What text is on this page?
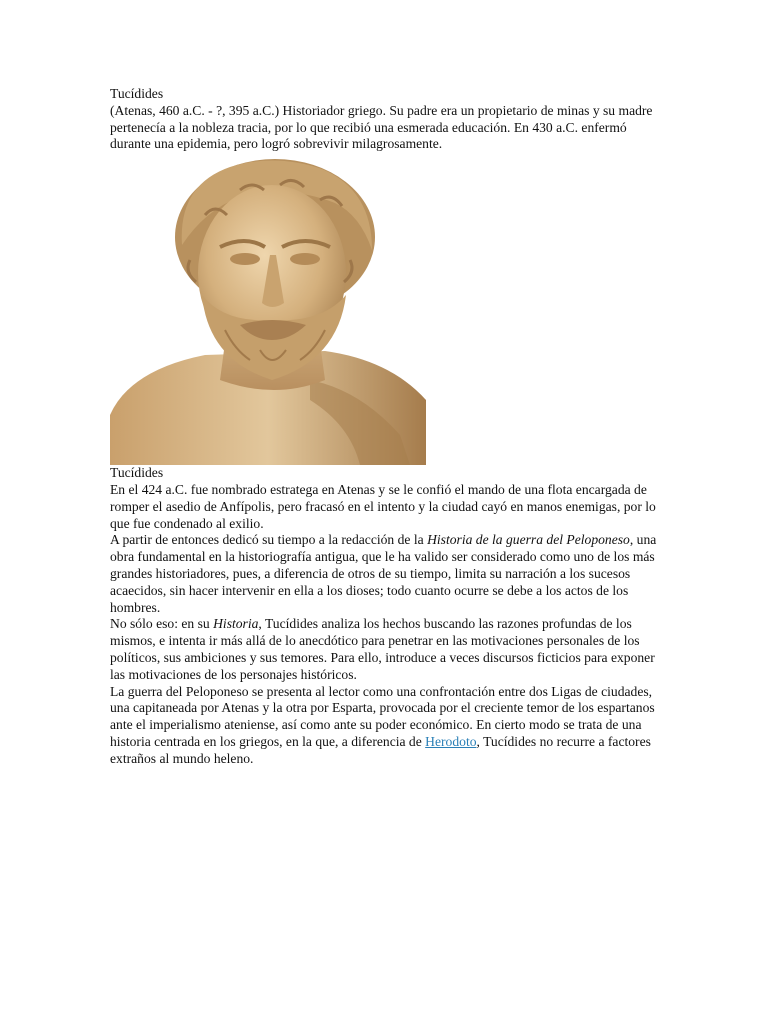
Tucídides

(Atenas, 460 a.C. - ?, 395 a.C.) Historiador griego. Su padre era un propietario de minas y su madre pertenecía a la nobleza tracia, por lo que recibió una esmerada educación. En 430 a.C. enfermó durante una epidemia, pero logró sobrevivir milagrosamente.

Tucídides

En el 424 a.C. fue nombrado estratega en Atenas y se le confió el mando de una flota encargada de romper el asedio de Anfípolis, pero fracasó en el intento y la ciudad cayó en manos enemigas, por lo que fue condenado al exilio.

A partir de entonces dedicó su tiempo a la redacción de la Historia de la guerra del Peloponeso, una obra fundamental en la historiografía antigua, que le ha valido ser considerado como uno de los más grandes historiadores, pues, a diferencia de otros de su tiempo, limita su narración a los sucesos acaecidos, sin hacer intervenir en ella a los dioses; todo cuanto ocurre se debe a los actos de los hombres.

No sólo eso: en su Historia, Tucídides analiza los hechos buscando las razones profundas de los mismos, e intenta ir más allá de lo anecdótico para penetrar en las motivaciones personales de los políticos, sus ambiciones y sus temores. Para ello, introduce a veces discursos ficticios para exponer las motivaciones de los personajes históricos.

La guerra del Peloponeso se presenta al lector como una confrontación entre dos Ligas de ciudades, una capitaneada por Atenas y la otra por Esparta, provocada por el creciente temor de los espartanos ante el imperialismo ateniense, así como ante su poder económico. En cierto modo se trata de una historia centrada en los griegos, en la que, a diferencia de Herodoto, Tucídides no recurre a factores extraños al mundo heleno.
